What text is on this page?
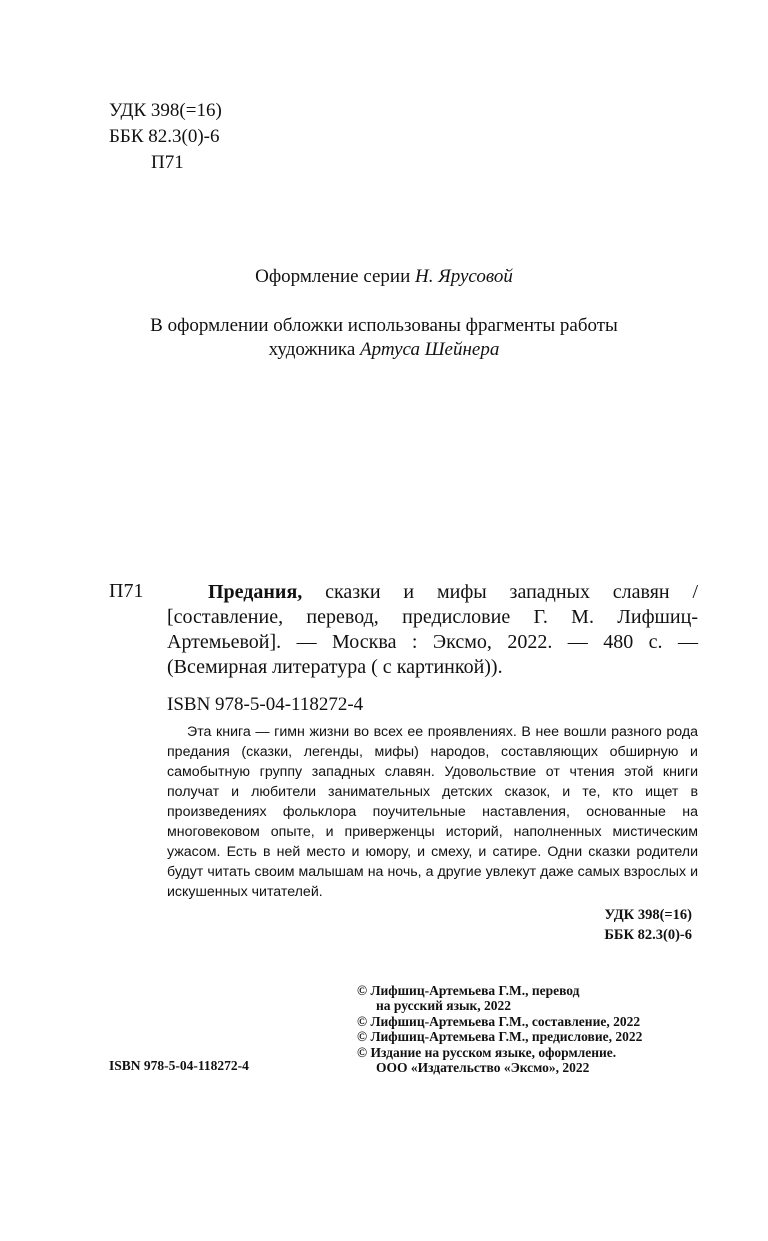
УДК 398(=16)
ББК 82.3(0)-6
П71
Оформление серии Н. Ярусовой
В оформлении обложки использованы фрагменты работы
художника Артуса Шейнера
П71	Предания, сказки и мифы западных славян / [составление, перевод, предисловие Г. М. Лифшиц-Артемьевой]. — Москва : Эксмо, 2022. — 480 с. — (Всемирная литература ( с картинкой)).
ISBN 978-5-04-118272-4
Эта книга — гимн жизни во всех ее проявлениях. В нее вошли разного рода предания (сказки, легенды, мифы) народов, составляющих обширную и самобытную группу западных славян. Удовольствие от чтения этой книги получат и любители занимательных детских сказок, и те, кто ищет в произведениях фольклора поучительные наставления, основанные на многовековом опыте, и приверженцы историй, наполненных мистическим ужасом. Есть в ней место и юмору, и смеху, и сатире. Одни сказки родители будут читать своим малышам на ночь, а другие увлекут даже самых взрослых и искушенных читателей.
УДК 398(=16)
ББК 82.3(0)-6
© Лифшиц-Артемьева Г.М., перевод
на русский язык, 2022
© Лифшиц-Артемьева Г.М., составление, 2022
© Лифшиц-Артемьева Г.М., предисловие, 2022
© Издание на русском языке, оформление.
ООО «Издательство «Эксмо», 2022
ISBN 978-5-04-118272-4
